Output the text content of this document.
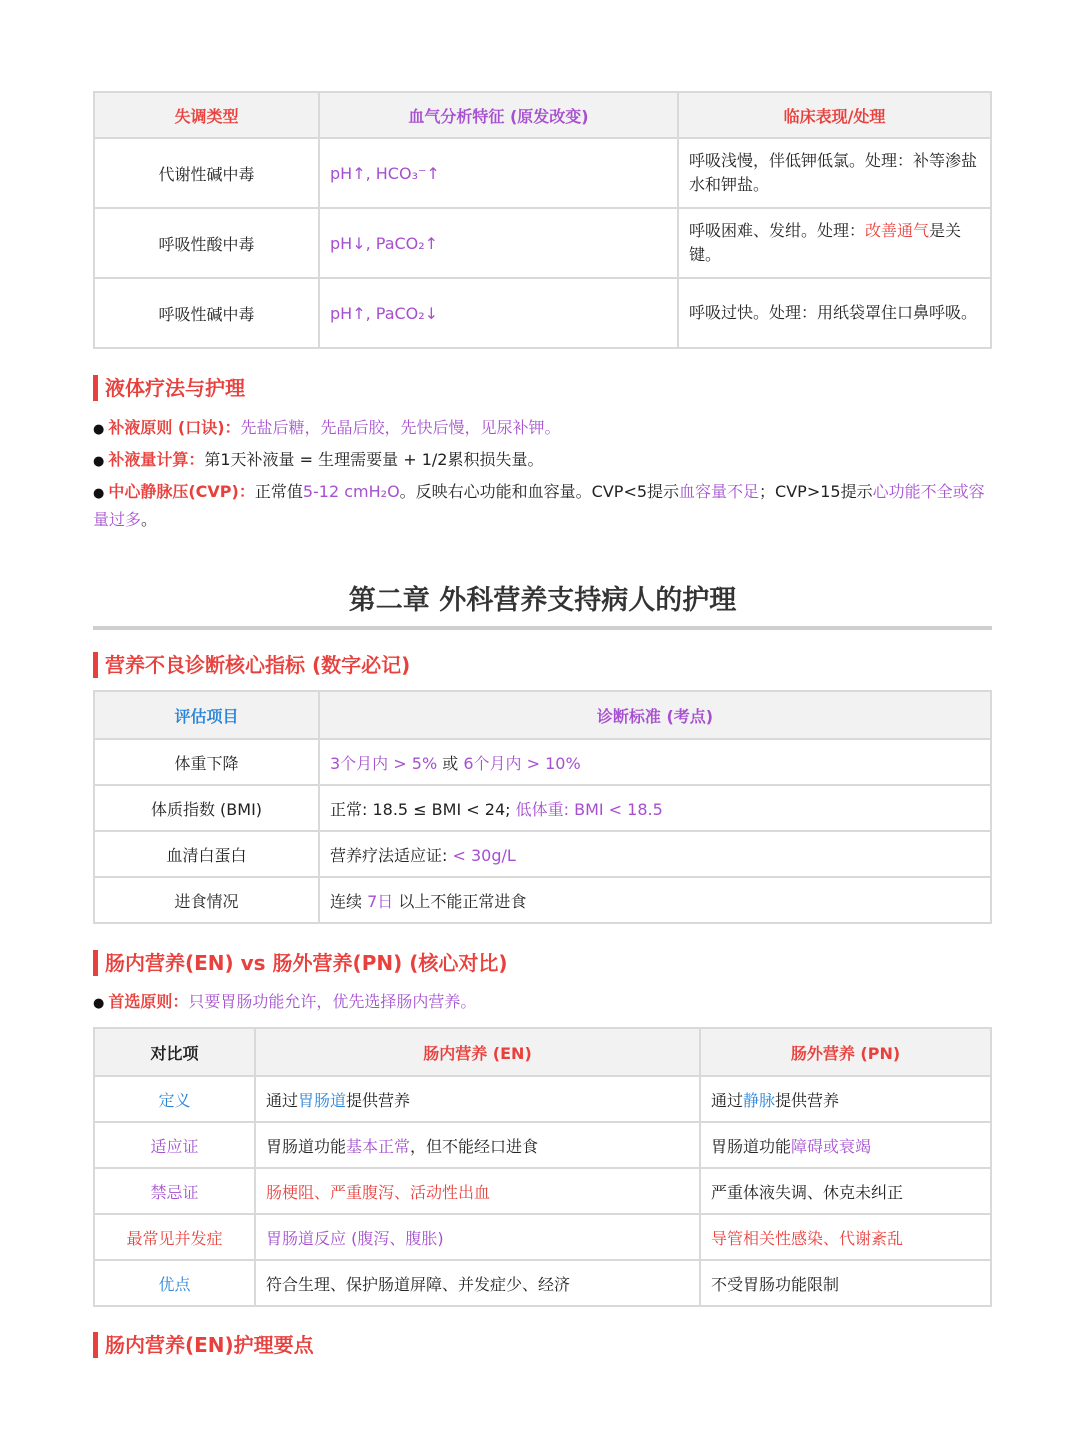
失调类型	血气分析特征 (原发改变)	临床表现/处理
代谢性碱中毒	pH↑, HCO₃⁻↑	呼吸浅慢，伴低钾低氯。处理：补等渗盐水和钾盐。
呼吸性酸中毒	pH↓, PaCO₂↑	呼吸困难、发绀。处理：改善通气是关键。
呼吸性碱中毒	pH↑, PaCO₂↓	呼吸过快。处理：用纸袋罩住口鼻呼吸。
液体疗法与护理
● 补液原则 (口诀)：先盐后糖，先晶后胶，先快后慢，见尿补钾。
● 补液量计算：第1天补液量 = 生理需要量 + 1/2累积损失量。
● 中心静脉压(CVP)：正常值5-12 cmH₂O。反映右心功能和血容量。CVP<5提示血容量不足；CVP>15提示心功能不全或容量过多。
第二章 外科营养支持病人的护理
营养不良诊断核心指标 (数字必记)
评估项目	诊断标准 (考点)
体重下降	3个月内 > 5% 或 6个月内 > 10%
体质指数 (BMI)	正常: 18.5 ≤ BMI < 24; 低体重: BMI < 18.5
血清白蛋白	营养疗法适应证: < 30g/L
进食情况	连续 7日 以上不能正常进食
肠内营养(EN) vs 肠外营养(PN) (核心对比)
● 首选原则：只要胃肠功能允许，优先选择肠内营养。
对比项	肠内营养 (EN)	肠外营养 (PN)
定义	通过胃肠道提供营养	通过静脉提供营养
适应证	胃肠道功能基本正常，但不能经口进食	胃肠道功能障碍或衰竭
禁忌证	肠梗阻、严重腹泻、活动性出血	严重体液失调、休克未纠正
最常见并发症	胃肠道反应 (腹泻、腹胀)	导管相关性感染、代谢紊乱
优点	符合生理、保护肠道屏障、并发症少、经济	不受胃肠功能限制
肠内营养(EN)护理要点
